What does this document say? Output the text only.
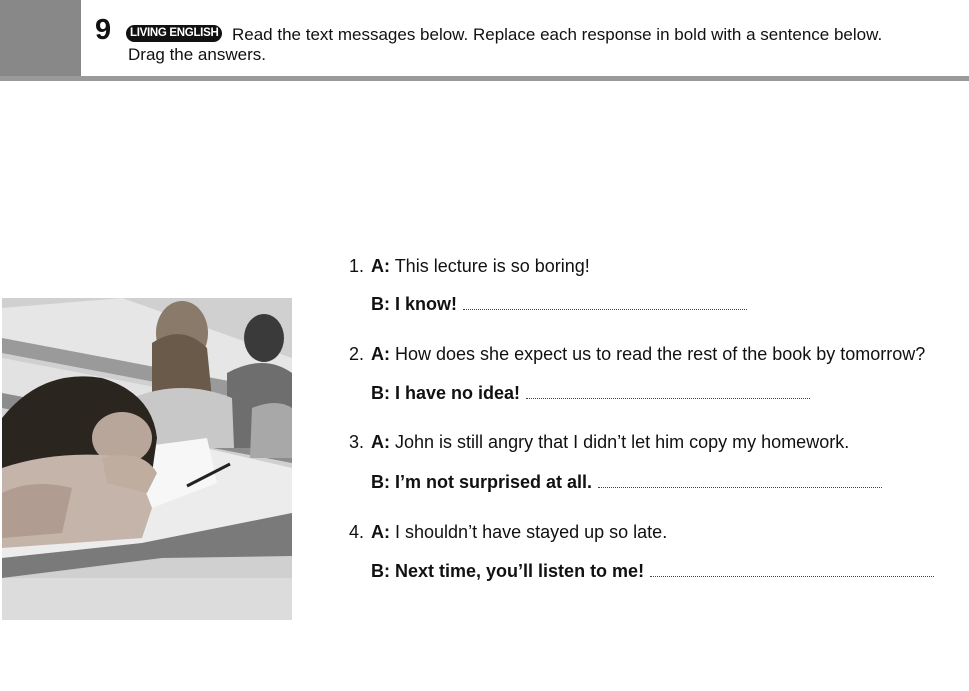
9	LIVING ENGLISH Read the text messages below. Replace each response in bold with a sentence below.
Drag the answers.
1. A: This lecture is so boring!
B: I know!
2. A: How does she expect us to read the rest of the book by tomorrow?
B: I have no idea!
3. A: John is still angry that I didn’t let him copy my homework.
B: I’m not surprised at all.
4. A: I shouldn’t have stayed up so late.
B: Next time, you’ll listen to me!
